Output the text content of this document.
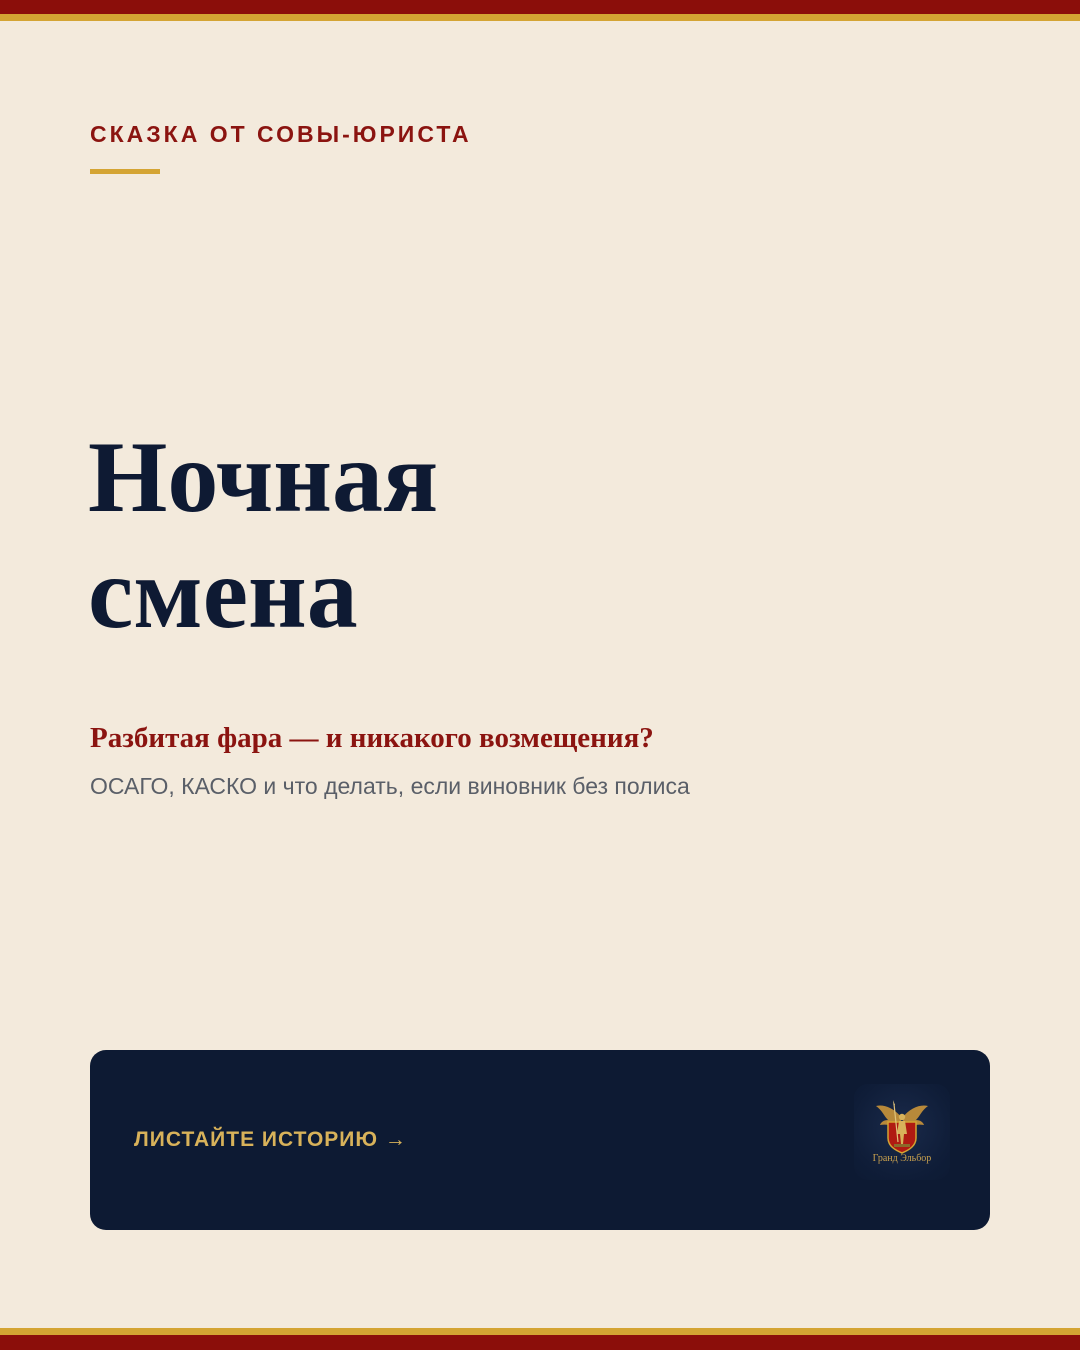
СКАЗКА ОТ СОВЫ-ЮРИСТА
Ночная
смена
Разбитая фара — и никакого возмещения?
ОСАГО, КАСКО и что делать, если виновник без полиса
ЛИСТАЙТЕ ИСТОРИЮ →
Гранд Эльбор
